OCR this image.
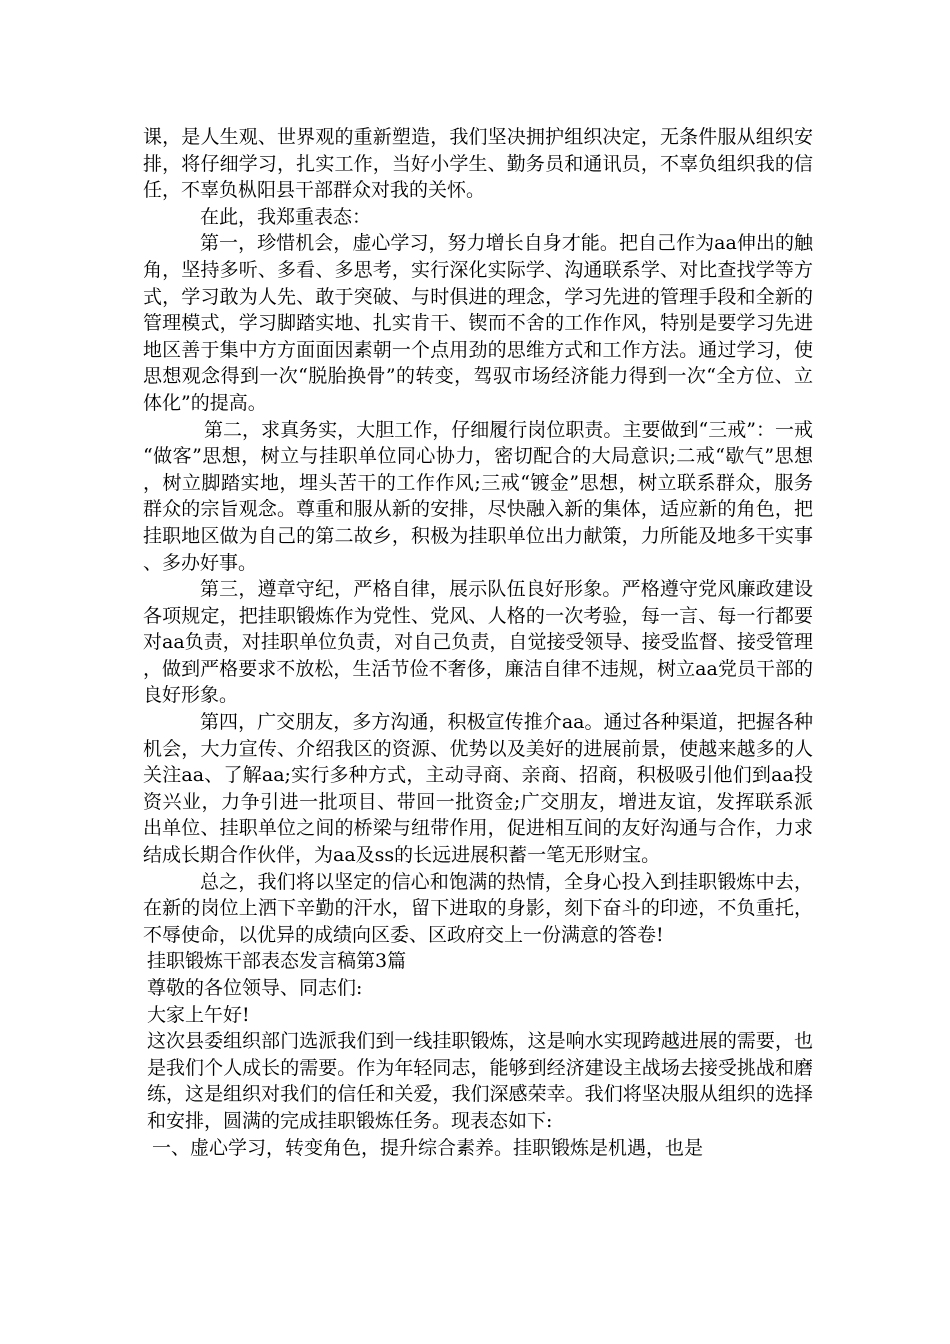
课，是人生观、世界观的重新塑造，我们坚决拥护组织决定，无条件服从组织安排，将仔细学习，扎实工作，当好小学生、勤务员和通讯员，不辜负组织我的信任，不辜负枞阳县干部群众对我的关怀。

在此，我郑重表态：

第一，珍惜机会，虚心学习，努力增长自身才能。把自己作为aa伸出的触角，坚持多听、多看、多思考，实行深化实际学、沟通联系学、对比查找学等方式，学习敢为人先、敢于突破、与时俱进的理念，学习先进的管理手段和全新的管理模式，学习脚踏实地、扎实肯干、锲而不舍的工作作风，特别是要学习先进地区善于集中方方面面因素朝一个点用劲的思维方式和工作方法。通过学习，使思想观念得到一次“脱胎换骨”的转变，驾驭市场经济能力得到一次“全方位、立体化”的提高。

第二，求真务实，大胆工作，仔细履行岗位职责。主要做到“三戒”：一戒“做客”思想，树立与挂职单位同心协力，密切配合的大局意识;二戒“歇气”思想，树立脚踏实地，埋头苦干的工作作风;三戒“镀金”思想，树立联系群众，服务群众的宗旨观念。尊重和服从新的安排，尽快融入新的集体，适应新的角色，把挂职地区做为自己的第二故乡，积极为挂职单位出力献策，力所能及地多干实事、多办好事。

第三，遵章守纪，严格自律，展示队伍良好形象。严格遵守党风廉政建设各项规定，把挂职锻炼作为党性、党风、人格的一次考验，每一言、每一行都要对aa负责，对挂职单位负责，对自己负责，自觉接受领导、接受监督、接受管理，做到严格要求不放松，生活节俭不奢侈，廉洁自律不违规，树立aa党员干部的良好形象。

第四，广交朋友，多方沟通，积极宣传推介aa。通过各种渠道，把握各种机会，大力宣传、介绍我区的资源、优势以及美好的进展前景，使越来越多的人关注aa、了解aa;实行多种方式，主动寻商、亲商、招商，积极吸引他们到aa投资兴业，力争引进一批项目、带回一批资金;广交朋友，增进友谊，发挥联系派出单位、挂职单位之间的桥梁与纽带作用，促进相互间的友好沟通与合作，力求结成长期合作伙伴，为aa及ss的长远进展积蓄一笔无形财宝。

总之，我们将以坚定的信心和饱满的热情，全身心投入到挂职锻炼中去，在新的岗位上洒下辛勤的汗水，留下进取的身影，刻下奋斗的印迹，不负重托，不辱使命，以优异的成绩向区委、区政府交上一份满意的答卷!

挂职锻炼干部表态发言稿第3篇

尊敬的各位领导、同志们:

大家上午好!

这次县委组织部门选派我们到一线挂职锻炼，这是响水实现跨越进展的需要，也是我们个人成长的需要。作为年轻同志，能够到经济建设主战场去接受挑战和磨练，这是组织对我们的信任和关爱，我们深感荣幸。我们将坚决服从组织的选择和安排，圆满的完成挂职锻炼任务。现表态如下:

一、虚心学习，转变角色，提升综合素养。挂职锻炼是机遇，也是
